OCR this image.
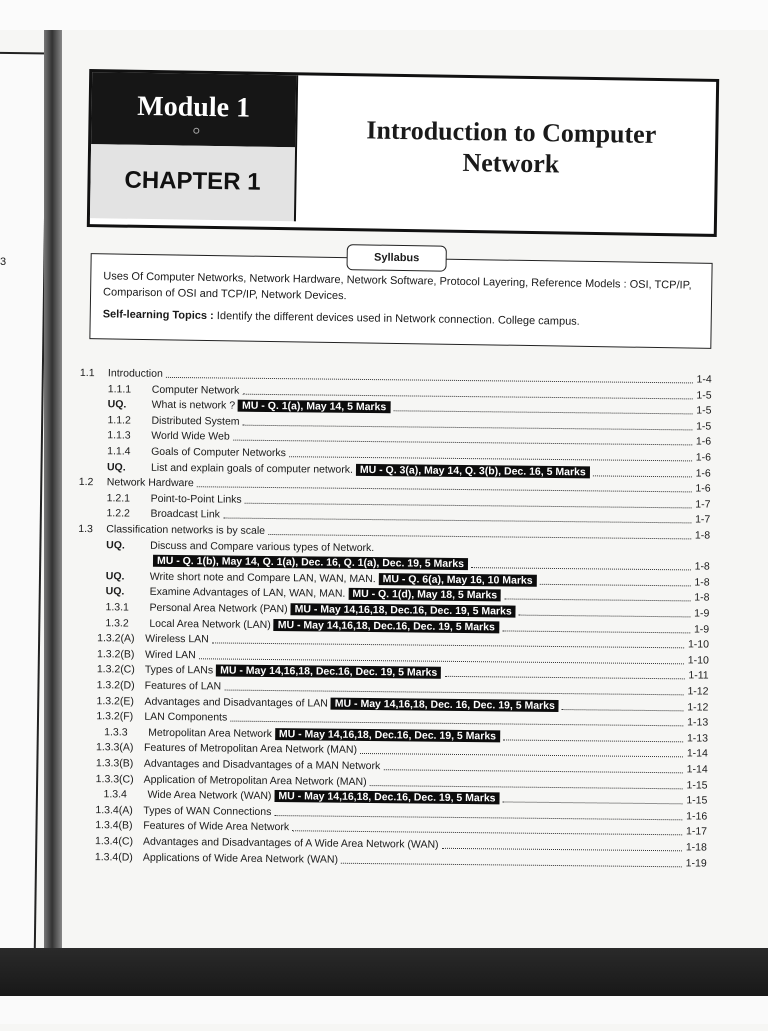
3
Module 1
CHAPTER 1
Introduction to Computer
Network
Syllabus
Uses Of Computer Networks, Network Hardware, Network Software, Protocol Layering, Reference Models : OSI, TCP/IP, Comparison of OSI and TCP/IP, Network Devices.
Self-learning Topics : Identify the different devices used in Network connection. College campus.
1.1 Introduction	1-4
1.1.1 Computer Network	1-5
UQ. What is network ? MU - Q. 1(a), May 14, 5 Marks	1-5
1.1.2 Distributed System	1-5
1.1.3 World Wide Web	1-6
1.1.4 Goals of Computer Networks	1-6
UQ. List and explain goals of computer network. MU - Q. 3(a), May 14, Q. 3(b), Dec. 16, 5 Marks	1-6
1.2 Network Hardware	1-6
1.2.1 Point-to-Point Links	1-7
1.2.2 Broadcast Link	1-7
1.3 Classification networks is by scale	1-8
UQ. Discuss and Compare various types of Network.
MU - Q. 1(b), May 14, Q. 1(a), Dec. 16, Q. 1(a), Dec. 19, 5 Marks	1-8
UQ. Write short note and Compare LAN, WAN, MAN. MU - Q. 6(a), May 16, 10 Marks	1-8
UQ. Examine Advantages of LAN, WAN, MAN. MU - Q. 1(d), May 18, 5 Marks	1-8
1.3.1 Personal Area Network (PAN) MU - May 14,16,18, Dec.16, Dec. 19, 5 Marks	1-9
1.3.2 Local Area Network (LAN) MU - May 14,16,18, Dec.16, Dec. 19, 5 Marks	1-9
1.3.2(A) Wireless LAN	1-10
1.3.2(B) Wired LAN	1-10
1.3.2(C) Types of LANs MU - May 14,16,18, Dec.16, Dec. 19, 5 Marks	1-11
1.3.2(D) Features of LAN	1-12
1.3.2(E) Advantages and Disadvantages of LAN MU - May 14,16,18, Dec. 16, Dec. 19, 5 Marks	1-12
1.3.2(F) LAN Components	1-13
1.3.3 Metropolitan Area Network MU - May 14,16,18, Dec.16, Dec. 19, 5 Marks	1-13
1.3.3(A) Features of Metropolitan Area Network (MAN)	1-14
1.3.3(B) Advantages and Disadvantages of a MAN Network	1-14
1.3.3(C) Application of Metropolitan Area Network (MAN)	1-15
1.3.4 Wide Area Network (WAN) MU - May 14,16,18, Dec.16, Dec. 19, 5 Marks	1-15
1.3.4(A) Types of WAN Connections	1-16
1.3.4(B) Features of Wide Area Network	1-17
1.3.4(C) Advantages and Disadvantages of A Wide Area Network (WAN)	1-18
1.3.4(D) Applications of Wide Area Network (WAN)	1-19
